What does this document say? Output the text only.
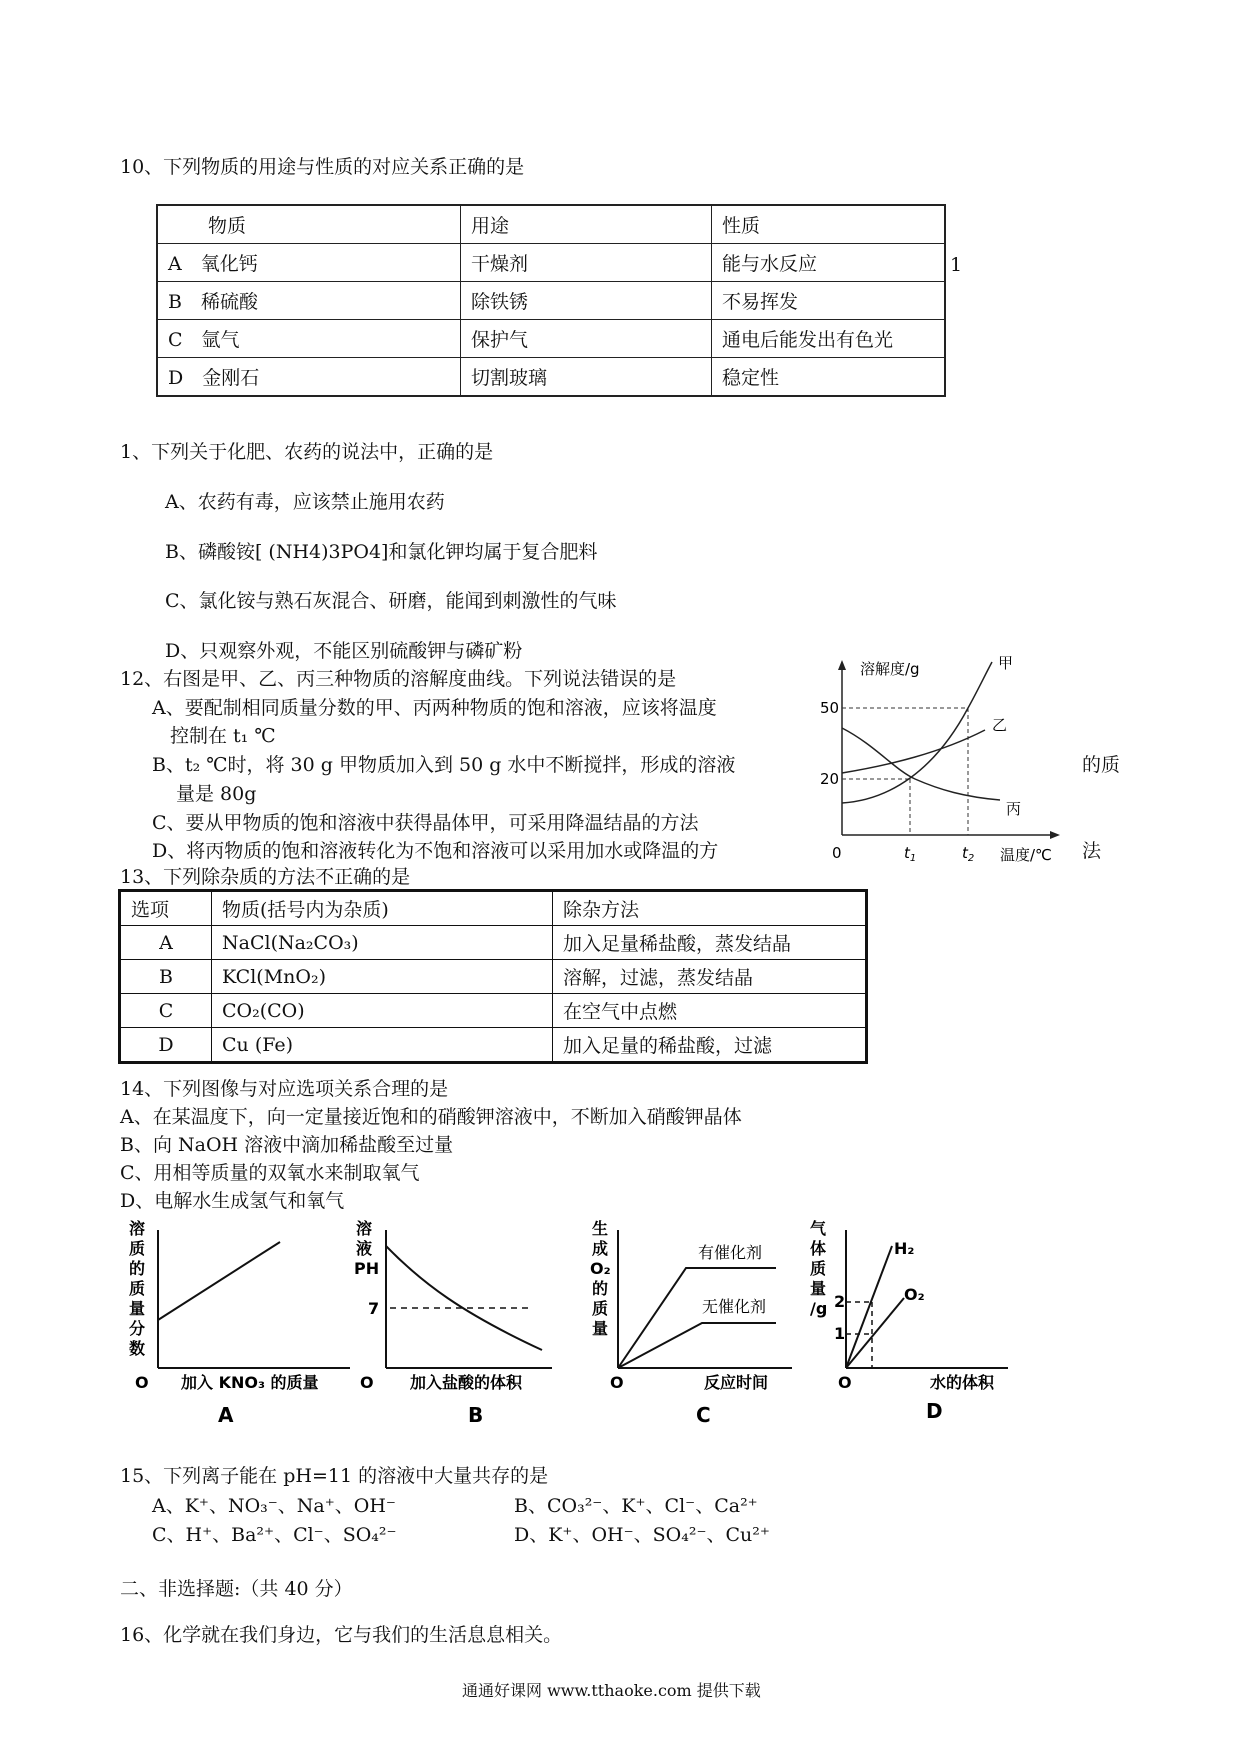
10、下列物质的用途与性质的对应关系正确的是
物质	用途	性质
A　氧化钙	干燥剂	能与水反应
B　稀硫酸	除铁锈	不易挥发
C　氩气	保护气	通电后能发出有色光
D　金刚石	切割玻璃	稳定性
1
1、下列关于化肥、农药的说法中，正确的是
A、农药有毒，应该禁止施用农药
B、磷酸铵[ (NH4)3PO4]和氯化钾均属于复合肥料
C、氯化铵与熟石灰混合、研磨，能闻到刺激性的气味
D、只观察外观，不能区别硫酸钾与磷矿粉
12、右图是甲、乙、丙三种物质的溶解度曲线。下列说法错误的是
A、要配制相同质量分数的甲、丙两种物质的饱和溶液，应该将温度
控制在 t₁ ℃
B、t₂ ℃时，将 30 g 甲物质加入到 50 g 水中不断搅拌，形成的溶液	的质
量是 80g
C、要从甲物质的饱和溶液中获得晶体甲，可采用降温结晶的方法
D、将丙物质的饱和溶液转化为不饱和溶液可以采用加水或降温的方	法
溶解度/g
温度/℃
0
50
20
$t_1$	$t_2$
甲
乙
丙
13、下列除杂质的方法不正确的是
选项	物质(括号内为杂质)	除杂方法
A	NaCl(Na₂CO₃)	加入足量稀盐酸，蒸发结晶
B	KCl(MnO₂)	溶解，过滤，蒸发结晶
C	CO₂(CO)	在空气中点燃
D	Cu (Fe)	加入足量的稀盐酸，过滤
14、下列图像与对应选项关系合理的是
A、在某温度下，向一定量接近饱和的硝酸钾溶液中，不断加入硝酸钾晶体
B、向 NaOH 溶液中滴加稀盐酸至过量
C、用相等质量的双氧水来制取氧气
D、电解水生成氢气和氧气
溶
质
的
质
量
分
数
O 加入 KNO₃ 的质量
A
溶
液
PH
7
O 加入盐酸的体积
B
生
成
O₂
的
质
量
O	反应时间
有催化剂
无催化剂
C
气
体
质
量
/g 2
1
O	水的体积
H₂
O₂
D
15、下列离子能在 pH=11 的溶液中大量共存的是
A、K⁺、NO₃⁻、Na⁺、OH⁻	B、CO₃²⁻、K⁺、Cl⁻、Ca²⁺
C、H⁺、Ba²⁺、Cl⁻、SO₄²⁻	D、K⁺、OH⁻、SO₄²⁻、Cu²⁺
二、非选择题:（共 40 分）
16、化学就在我们身边，它与我们的生活息息相关。
通通好课网 www.tthaoke.com 提供下载
